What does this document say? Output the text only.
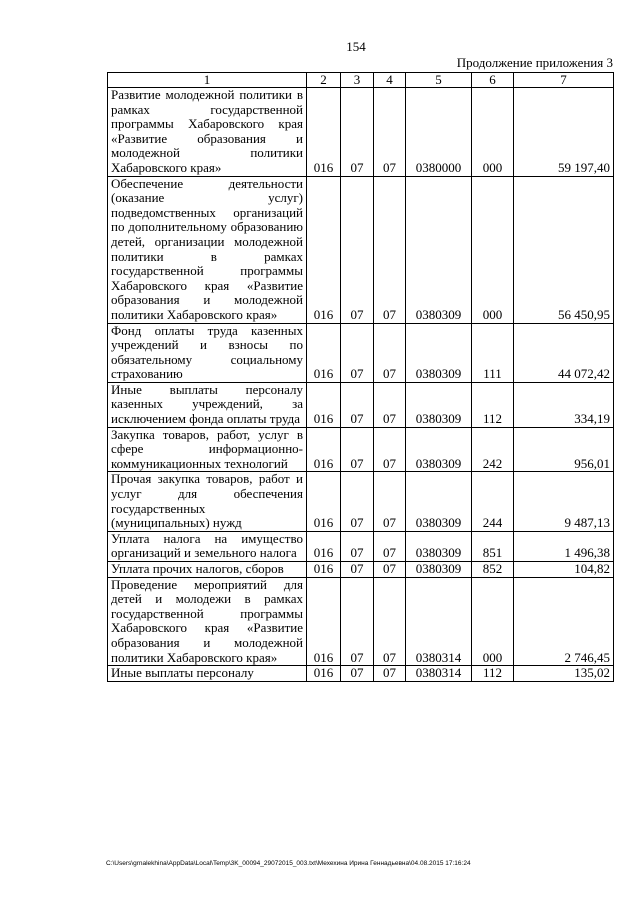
154
Продолжение приложения 3
1	2	3	4	5	6	7
Развитие молодежной политики в рамках государственной программы Хабаровского края «Развитие образования и молодежной политики Хабаровского края»	016	07	07	0380000	000	59 197,40
Обеспечение деятельности (оказание услуг) подведомственных организаций по дополнительному образованию детей, организации молодежной политики в рамках государственной программы Хабаровского края «Развитие образования и молодежной политики Хабаровского края»	016	07	07	0380309	000	56 450,95
Фонд оплаты труда казенных учреждений и взносы по обязательному социальному страхованию	016	07	07	0380309	111	44 072,42
Иные выплаты персоналу казенных учреждений, за исключением фонда оплаты труда	016	07	07	0380309	112	334,19
Закупка товаров, работ, услуг в сфере информационно-коммуникационных технологий	016	07	07	0380309	242	956,01
Прочая закупка товаров, работ и услуг для обеспечения государственных (муниципальных) нужд	016	07	07	0380309	244	9 487,13
Уплата налога на имущество организаций и земельного налога	016	07	07	0380309	851	1 496,38
Уплата прочих налогов, сборов	016	07	07	0380309	852	104,82
Проведение мероприятий для детей и молодежи в рамках государственной программы Хабаровского края «Развитие образования и молодежной политики Хабаровского края»	016	07	07	0380314	000	2 746,45
Иные выплаты персоналу	016	07	07	0380314	112	135,02
C:\Users\grnalekhina\AppData\Local\Temp\3K_00094_29072015_003.txt\Мехехина Ирина Геннадьевна\04.08.2015 17:16:24
